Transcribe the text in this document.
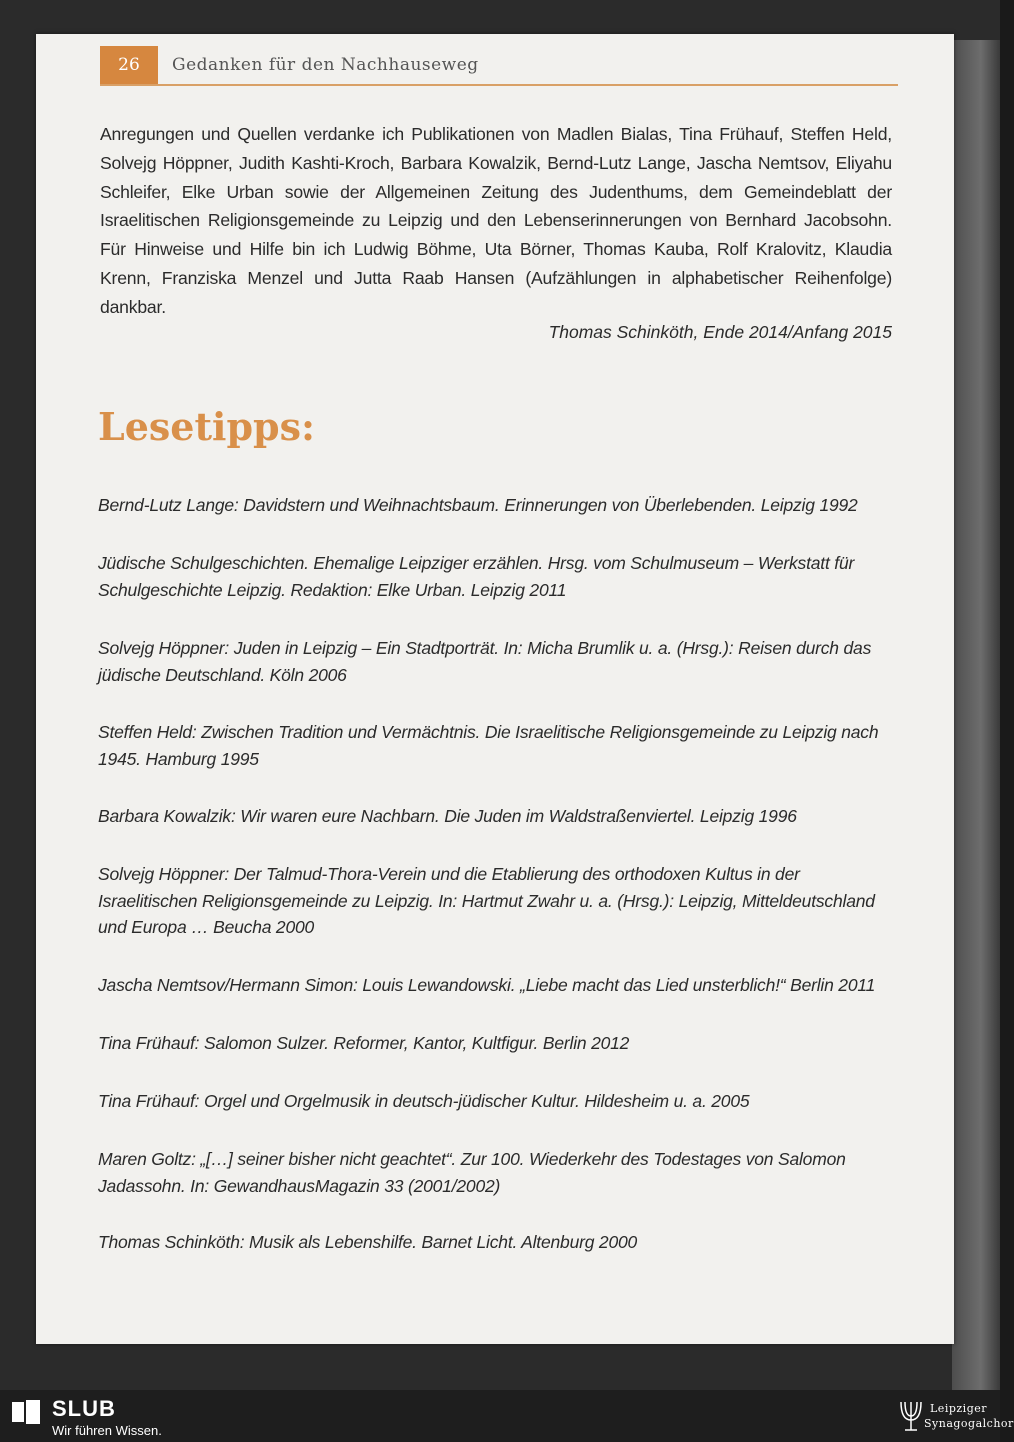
26	Gedanken für den Nachhauseweg

Anregungen und Quellen verdanke ich Publikationen von Madlen Bialas, Tina Frühauf, Steffen Held, Solvejg Höppner, Judith Kashti-Kroch, Barbara Kowalzik, Bernd-Lutz Lange, Jascha Nemtsov, Eliyahu Schleifer, Elke Urban sowie der Allgemeinen Zeitung des Judenthums, dem Gemeindeblatt der Israelitischen Religionsgemeinde zu Leipzig und den Lebenserinnerungen von Bernhard Jacobsohn. Für Hinweise und Hilfe bin ich Ludwig Böhme, Uta Börner, Thomas Kauba, Rolf Kralovitz, Klaudia Krenn, Franziska Menzel und Jutta Raab Hansen (Aufzählungen in alphabetischer Reihenfolge) dankbar.

Thomas Schinköth, Ende 2014/Anfang 2015
Lesetipps:
Bernd-Lutz Lange: Davidstern und Weihnachtsbaum. Erinnerungen von Überlebenden. Leipzig 1992
Jüdische Schulgeschichten. Ehemalige Leipziger erzählen. Hrsg. vom Schulmuseum – Werkstatt für Schulgeschichte Leipzig. Redaktion: Elke Urban. Leipzig 2011
Solvejg Höppner: Juden in Leipzig – Ein Stadtporträt. In: Micha Brumlik u. a. (Hrsg.): Reisen durch das jüdische Deutschland. Köln 2006
Steffen Held: Zwischen Tradition und Vermächtnis. Die Israelitische Religionsgemeinde zu Leipzig nach 1945. Hamburg 1995
Barbara Kowalzik: Wir waren eure Nachbarn. Die Juden im Waldstraßenviertel. Leipzig 1996
Solvejg Höppner: Der Talmud-Thora-Verein und die Etablierung des orthodoxen Kultus in der Israelitischen Religionsgemeinde zu Leipzig. In: Hartmut Zwahr u. a. (Hrsg.): Leipzig, Mitteldeutschland und Europa … Beucha 2000
Jascha Nemtsov/Hermann Simon: Louis Lewandowski. „Liebe macht das Lied unsterblich!“ Berlin 2011
Tina Frühauf: Salomon Sulzer. Reformer, Kantor, Kultfigur. Berlin 2012
Tina Frühauf: Orgel und Orgelmusik in deutsch-jüdischer Kultur. Hildesheim u. a. 2005
Maren Goltz: „[…] seiner bisher nicht geachtet“. Zur 100. Wiederkehr des Todestages von Salomon Jadassohn. In: GewandhausMagazin 33 (2001/2002)
Thomas Schinköth: Musik als Lebenshilfe. Barnet Licht. Altenburg 2000
SLUB
Wir führen Wissen.
Leipziger
Synagogalchor
